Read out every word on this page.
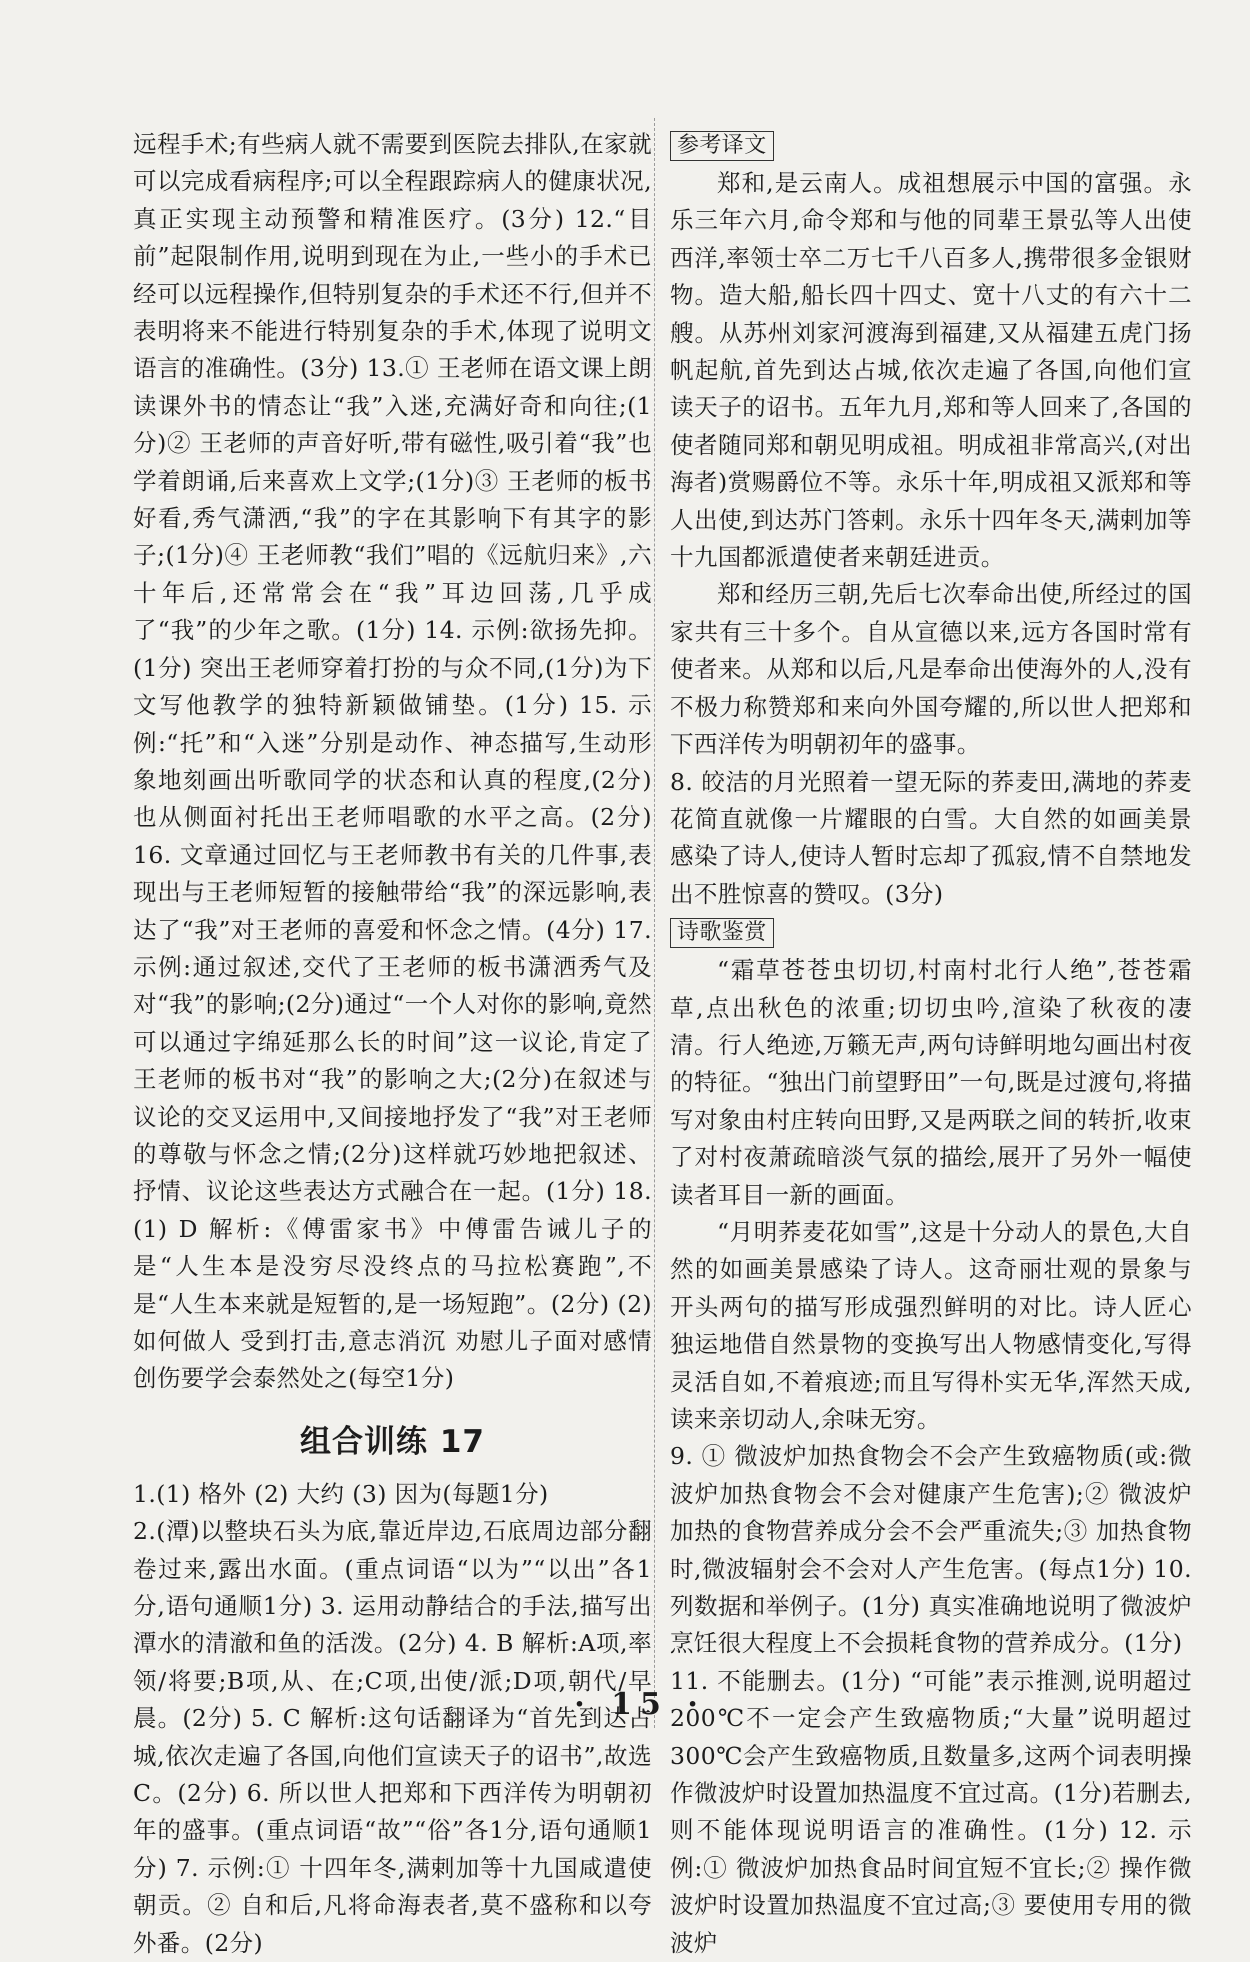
远程手术;有些病人就不需要到医院去排队,在家就可以完成看病程序;可以全程跟踪病人的健康状况,真正实现主动预警和精准医疗。(3分) 12.“目前”起限制作用,说明到现在为止,一些小的手术已经可以远程操作,但特别复杂的手术还不行,但并不表明将来不能进行特别复杂的手术,体现了说明文语言的准确性。(3分) 13.① 王老师在语文课上朗读课外书的情态让“我”入迷,充满好奇和向往;(1分)② 王老师的声音好听,带有磁性,吸引着“我”也学着朗诵,后来喜欢上文学;(1分)③ 王老师的板书好看,秀气潇洒,“我”的字在其影响下有其字的影子;(1分)④ 王老师教“我们”唱的《远航归来》,六十年后,还常常会在“我”耳边回荡,几乎成了“我”的少年之歌。(1分) 14. 示例:欲扬先抑。(1分) 突出王老师穿着打扮的与众不同,(1分)为下文写他教学的独特新颖做铺垫。(1分) 15. 示例:“托”和“入迷”分别是动作、神态描写,生动形象地刻画出听歌同学的状态和认真的程度,(2分)也从侧面衬托出王老师唱歌的水平之高。(2分) 16. 文章通过回忆与王老师教书有关的几件事,表现出与王老师短暂的接触带给“我”的深远影响,表达了“我”对王老师的喜爱和怀念之情。(4分) 17. 示例:通过叙述,交代了王老师的板书潇洒秀气及对“我”的影响;(2分)通过“一个人对你的影响,竟然可以通过字绵延那么长的时间”这一议论,肯定了王老师的板书对“我”的影响之大;(2分)在叙述与议论的交叉运用中,又间接地抒发了“我”对王老师的尊敬与怀念之情;(2分)这样就巧妙地把叙述、抒情、议论这些表达方式融合在一起。(1分) 18.(1) D 解析:《傅雷家书》中傅雷告诫儿子的是“人生本是没穷尽没终点的马拉松赛跑”,不是“人生本来就是短暂的,是一场短跑”。(2分) (2) 如何做人 受到打击,意志消沉 劝慰儿子面对感情创伤要学会泰然处之(每空1分)

组合训练 17

1.(1) 格外 (2) 大约 (3) 因为(每题1分)

2.(潭)以整块石头为底,靠近岸边,石底周边部分翻卷过来,露出水面。(重点词语“以为”“以出”各1分,语句通顺1分) 3. 运用动静结合的手法,描写出潭水的清澈和鱼的活泼。(2分) 4. B 解析:A项,率领/将要;B项,从、在;C项,出使/派;D项,朝代/早晨。(2分) 5. C 解析:这句话翻译为“首先到达占城,依次走遍了各国,向他们宣读天子的诏书”,故选C。(2分) 6. 所以世人把郑和下西洋传为明朝初年的盛事。(重点词语“故”“俗”各1分,语句通顺1分) 7. 示例:① 十四年冬,满剌加等十九国咸遣使朝贡。② 自和后,凡将命海表者,莫不盛称和以夸外番。(2分)

参考译文

郑和,是云南人。成祖想展示中国的富强。永乐三年六月,命令郑和与他的同辈王景弘等人出使西洋,率领士卒二万七千八百多人,携带很多金银财物。造大船,船长四十四丈、宽十八丈的有六十二艘。从苏州刘家河渡海到福建,又从福建五虎门扬帆起航,首先到达占城,依次走遍了各国,向他们宣读天子的诏书。五年九月,郑和等人回来了,各国的使者随同郑和朝见明成祖。明成祖非常高兴,(对出海者)赏赐爵位不等。永乐十年,明成祖又派郑和等人出使,到达苏门答剌。永乐十四年冬天,满剌加等十九国都派遣使者来朝廷进贡。

郑和经历三朝,先后七次奉命出使,所经过的国家共有三十多个。自从宣德以来,远方各国时常有使者来。从郑和以后,凡是奉命出使海外的人,没有不极力称赞郑和来向外国夸耀的,所以世人把郑和下西洋传为明朝初年的盛事。

8. 皎洁的月光照着一望无际的荞麦田,满地的荞麦花简直就像一片耀眼的白雪。大自然的如画美景感染了诗人,使诗人暂时忘却了孤寂,情不自禁地发出不胜惊喜的赞叹。(3分)

诗歌鉴赏

“霜草苍苍虫切切,村南村北行人绝”,苍苍霜草,点出秋色的浓重;切切虫吟,渲染了秋夜的凄清。行人绝迹,万籁无声,两句诗鲜明地勾画出村夜的特征。“独出门前望野田”一句,既是过渡句,将描写对象由村庄转向田野,又是两联之间的转折,收束了对村夜萧疏暗淡气氛的描绘,展开了另外一幅使读者耳目一新的画面。

“月明荞麦花如雪”,这是十分动人的景色,大自然的如画美景感染了诗人。这奇丽壮观的景象与开头两句的描写形成强烈鲜明的对比。诗人匠心独运地借自然景物的变换写出人物感情变化,写得灵活自如,不着痕迹;而且写得朴实无华,浑然天成,读来亲切动人,余味无穷。

9. ① 微波炉加热食物会不会产生致癌物质(或:微波炉加热食物会不会对健康产生危害);② 微波炉加热的食物营养成分会不会严重流失;③ 加热食物时,微波辐射会不会对人产生危害。(每点1分) 10. 列数据和举例子。(1分) 真实准确地说明了微波炉烹饪很大程度上不会损耗食物的营养成分。(1分)

11. 不能删去。(1分) “可能”表示推测,说明超过200℃不一定会产生致癌物质;“大量”说明超过300℃会产生致癌物质,且数量多,这两个词表明操作微波炉时设置加热温度不宜过高。(1分)若删去,则不能体现说明语言的准确性。(1分) 12. 示例:① 微波炉加热食品时间宜短不宜长;② 操作微波炉时设置加热温度不宜过高;③ 要使用专用的微波炉

· 15 ·
